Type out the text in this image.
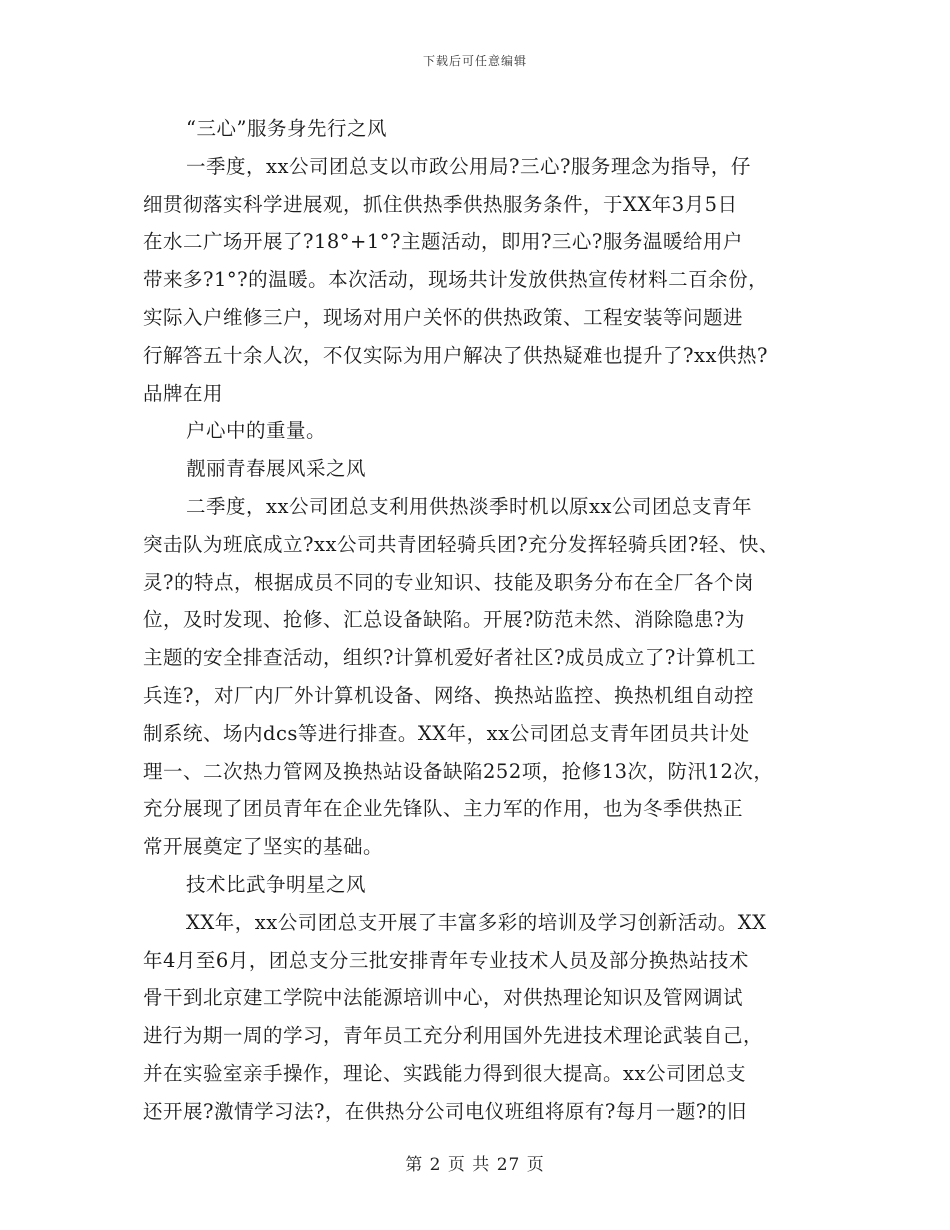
下载后可任意编辑
“三心”服务身先行之风
一季度，xx公司团总支以市政公用局?三心?服务理念为指导，仔
细贯彻落实科学进展观，抓住供热季供热服务条件，于XX年3月5日
在水二广场开展了?18°+1°?主题活动，即用?三心?服务温暖给用户
带来多?1°?的温暖。本次活动，现场共计发放供热宣传材料二百余份，
实际入户维修三户，现场对用户关怀的供热政策、工程安装等问题进
行解答五十余人次，不仅实际为用户解决了供热疑难也提升了?xx供热?
品牌在用
户心中的重量。
靓丽青春展风采之风
二季度，xx公司团总支利用供热淡季时机以原xx公司团总支青年
突击队为班底成立?xx公司共青团轻骑兵团?充分发挥轻骑兵团?轻、快、
灵?的特点，根据成员不同的专业知识、技能及职务分布在全厂各个岗
位，及时发现、抢修、汇总设备缺陷。开展?防范未然、消除隐患?为
主题的安全排查活动，组织?计算机爱好者社区?成员成立了?计算机工
兵连?，对厂内厂外计算机设备、网络、换热站监控、换热机组自动控
制系统、场内dcs等进行排查。XX年，xx公司团总支青年团员共计处
理一、二次热力管网及换热站设备缺陷252项，抢修13次，防汛12次，
充分展现了团员青年在企业先锋队、主力军的作用，也为冬季供热正
常开展奠定了坚实的基础。
技术比武争明星之风
XX年，xx公司团总支开展了丰富多彩的培训及学习创新活动。XX
年4月至6月，团总支分三批安排青年专业技术人员及部分换热站技术
骨干到北京建工学院中法能源培训中心，对供热理论知识及管网调试
进行为期一周的学习，青年员工充分利用国外先进技术理论武装自己，
并在实验室亲手操作，理论、实践能力得到很大提高。xx公司团总支
还开展?激情学习法?，在供热分公司电仪班组将原有?每月一题?的旧
第 2 页 共 27 页
